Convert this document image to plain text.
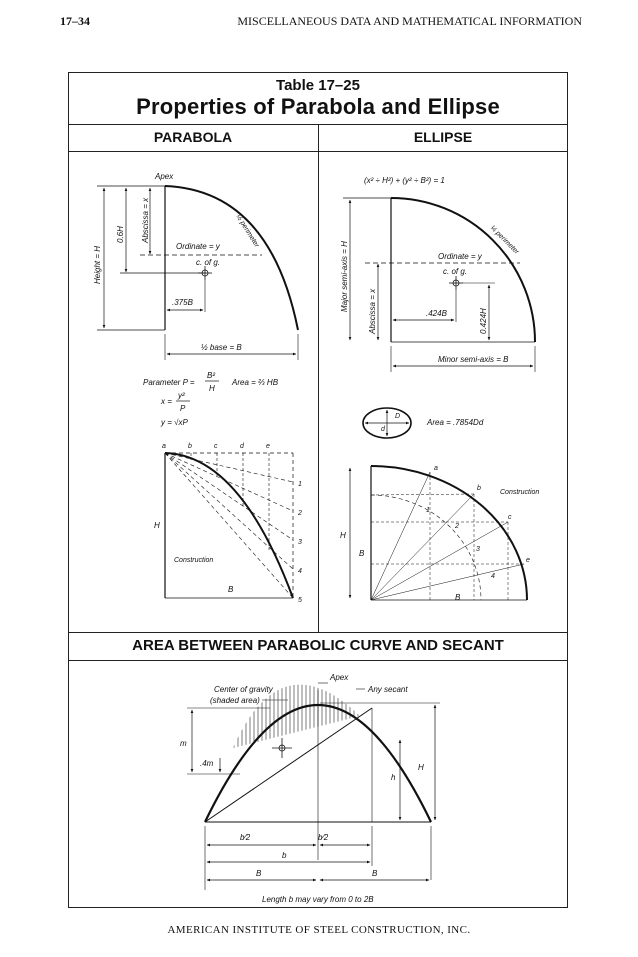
17–34	MISCELLANEOUS DATA AND MATHEMATICAL INFORMATION
Table 17–25
Properties of Parabola and Ellipse
PARABOLA	ELLIPSE
AREA BETWEEN PARABOLIC CURVE AND SECANT
Apex
½ perimeter
Height = H
0.6H Abscissa = x
Ordinate = y
c. of g.
.375B
½ base = B
Parameter P =
B²
H
Area = ⅔ HB
x =
y²
P
y = √xP
a	b	c	d	e
1
2
3
4
5
H
Construction
B
(x² ÷ H²) + (y² ÷ B²) = 1
¼ perimeter
Major semi-axis = H Abscissa = x
Ordinate = y
c. of g.
.424B	0.424H
Minor semi-axis = B
D
d
Area = .7854Dd
a
b
c
e
1
2
3
4
Construction
H
B
B
Apex
Center of gravity
(shaded area)
Any secant
m
.4m	H
h
b⁄2	b⁄2
b
B	B
Length b may vary from 0 to 2B
AMERICAN INSTITUTE OF STEEL CONSTRUCTION, INC.
